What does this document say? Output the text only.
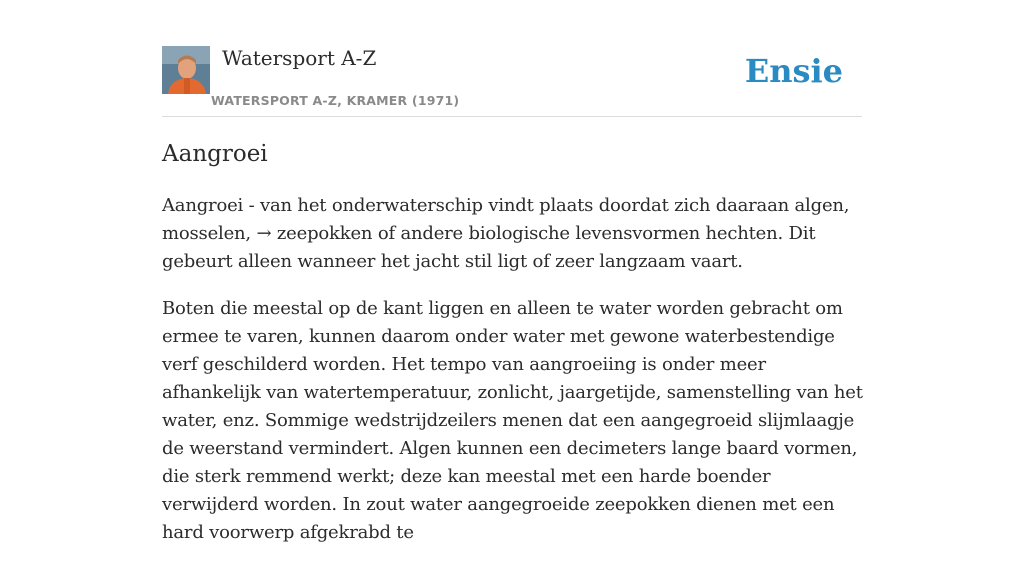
Watersport A-Z
WATERSPORT A-Z, KRAMER (1971)
Ensie
Aangroei

Aangroei - van het onderwaterschip vindt plaats doordat zich daaraan algen, mosselen, → zeepokken of andere biologische levensvormen hechten. Dit gebeurt alleen wanneer het jacht stil ligt of zeer langzaam vaart.

Boten die meestal op de kant liggen en alleen te water worden gebracht om ermee te varen, kunnen daarom onder water met gewone waterbestendige verf geschilderd worden. Het tempo van aangroeiing is onder meer afhankelijk van watertemperatuur, zonlicht, jaargetijde, samenstelling van het water, enz. Sommige wedstrijdzeilers menen dat een aangegroeid slijmlaagje de weerstand vermindert. Algen kunnen een decimeters lange baard vormen, die sterk remmend werkt; deze kan meestal met een harde boender verwijderd worden. In zout water aangegroeide zeepokken dienen met een hard voorwerp afgekrabd te
